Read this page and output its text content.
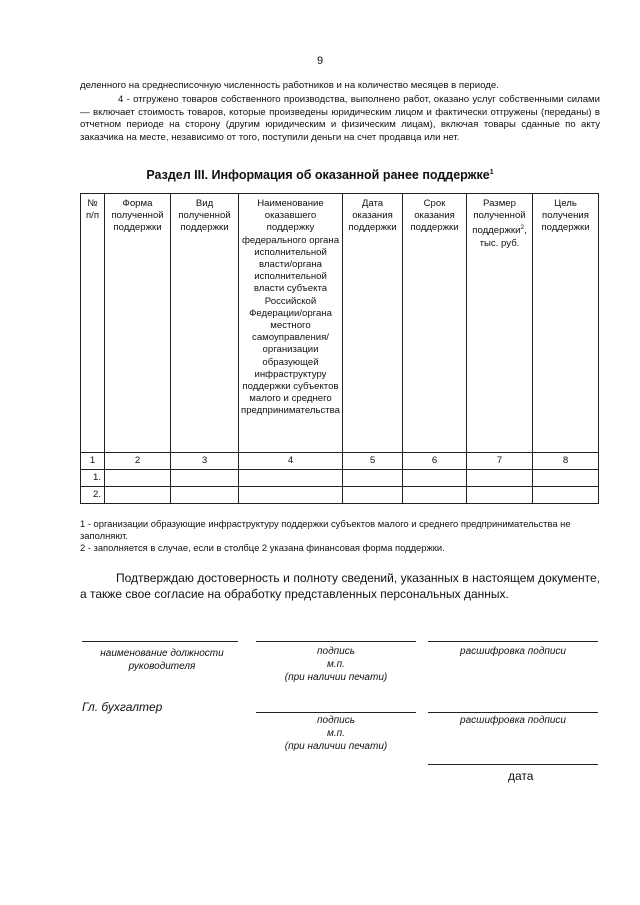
9
деленного на среднесписочную численность работников и на количество месяцев в периоде.
4 - отгружено товаров собственного производства, выполнено работ, оказано услуг собственными силами — включает стоимость товаров, которые произведены юридическим лицом и фактически отгружены (переданы) в отчетном периоде на сторону (другим юридическим и физическим лицам), включая товары сданные по акту заказчика на месте, независимо от того, поступили деньги на счет продавца или нет.
Раздел III. Информация об оказанной ранее поддержке$^1$
№ п/п	Форма полученной поддержки	Вид полученной поддержки	Наименование оказавшего поддержку федерального органа исполнительной власти/органа исполнительной власти субъекта Российской Федерации/органа местного самоуправления/ организации образующей инфраструктуру поддержки субъектов малого и среднего предпринимательства	Дата оказания поддержки	Срок оказания поддержки	Размер полученной поддержки$^2$, тыс. руб.	Цель получения поддержки
1	2	3	4	5	6	7	8
1.							
2.							
1 - организации образующие инфраструктуру поддержки субъектов малого и среднего предпринимательства не заполняют.
2 - заполняется в случае, если в столбце 2 указана финансовая форма поддержки.
Подтверждаю достоверность и полноту сведений, указанных в настоящем документе, а также свое согласие на обработку представленных персональных данных.
наименование должности руководителя
подпись
м.п.
(при наличии печати)
расшифровка подписи
Гл. бухгалтер
подпись
м.п.
(при наличии печати)
расшифровка подписи
дата
